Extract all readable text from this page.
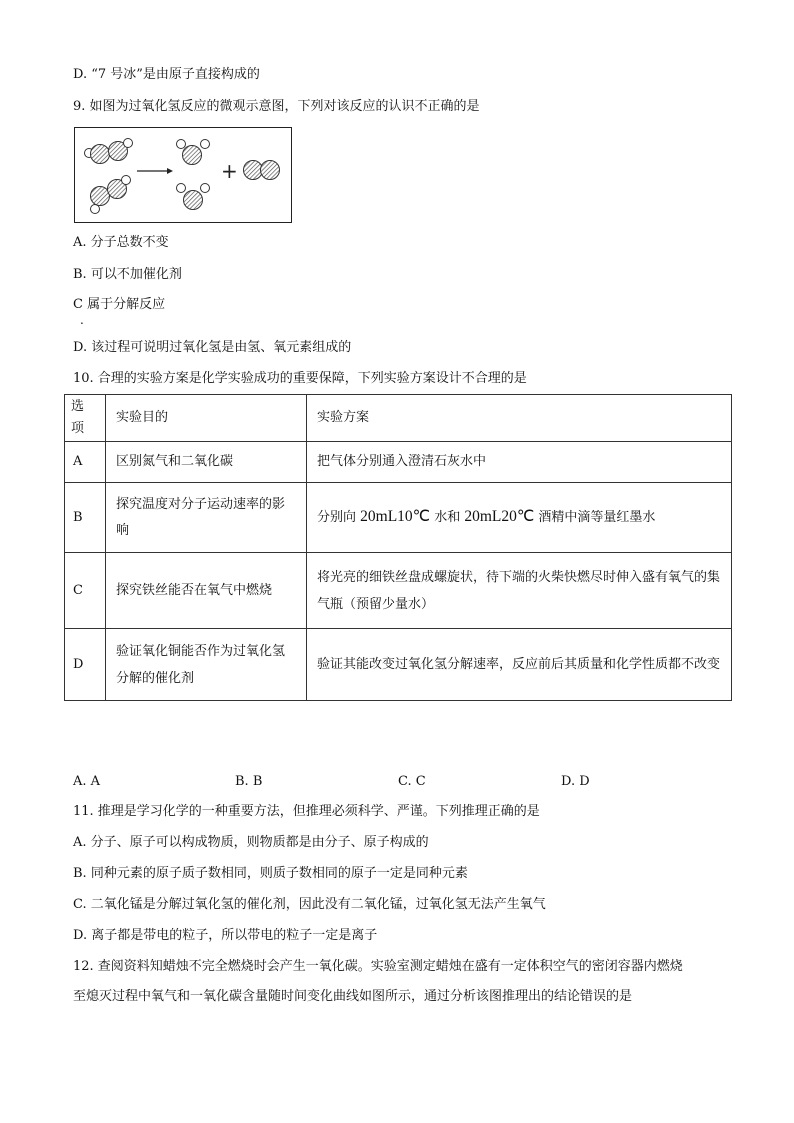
D. “7 号冰”是由原子直接构成的
9. 如图为过氧化氢反应的微观示意图，下列对该反应的认识不正确的是
+
A. 分子总数不变
B. 可以不加催化剂
C 属于分解反应
.
D. 该过程可说明过氧化氢是由氢、氧元素组成的
10. 合理的实验方案是化学实验成功的重要保障，下列实验方案设计不合理的是
选项	实验目的	实验方案
A	区别氮气和二氧化碳	把气体分别通入澄清石灰水中
B	探究温度对分子运动速率的影响	分别向 20mL10℃ 水和 20mL20℃ 酒精中滴等量红墨水
C	探究铁丝能否在氧气中燃烧	将光亮的细铁丝盘成螺旋状，待下端的火柴快燃尽时伸入盛有氧气的集气瓶（预留少量水）
D	验证氧化铜能否作为过氧化氢分解的催化剂	验证其能改变过氧化氢分解速率，反应前后其质量和化学性质都不改变
A. A	B. B	C. C	D. D
11. 推理是学习化学的一种重要方法，但推理必须科学、严谨。下列推理正确的是
A. 分子、原子可以构成物质，则物质都是由分子、原子构成的
B. 同种元素的原子质子数相同，则质子数相同的原子一定是同种元素
C. 二氧化锰是分解过氧化氢的催化剂，因此没有二氧化锰，过氧化氢无法产生氧气
D. 离子都是带电的粒子，所以带电的粒子一定是离子
12. 查阅资料知蜡烛不完全燃烧时会产生一氧化碳。实验室测定蜡烛在盛有一定体积空气的密闭容器内燃烧
至熄灭过程中氧气和一氧化碳含量随时间变化曲线如图所示，通过分析该图推理出的结论错误的是
